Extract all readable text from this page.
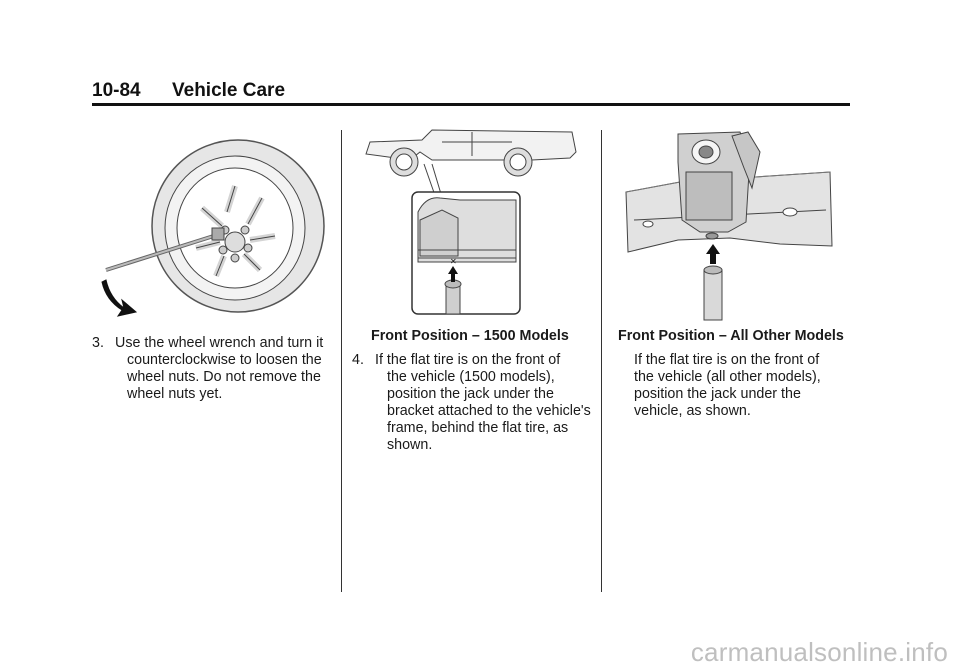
10-84 Vehicle Care
✕
3. Use the wheel wrench and turn it
counterclockwise to loosen the
wheel nuts. Do not remove the
wheel nuts yet.
Front Position – 1500 Models
4. If the flat tire is on the front of
the vehicle (1500 models),
position the jack under the
bracket attached to the vehicle's
frame, behind the flat tire, as
shown.
Front Position – All Other Models
If the flat tire is on the front of
the vehicle (all other models),
position the jack under the
vehicle, as shown.
carmanualsonline.info
